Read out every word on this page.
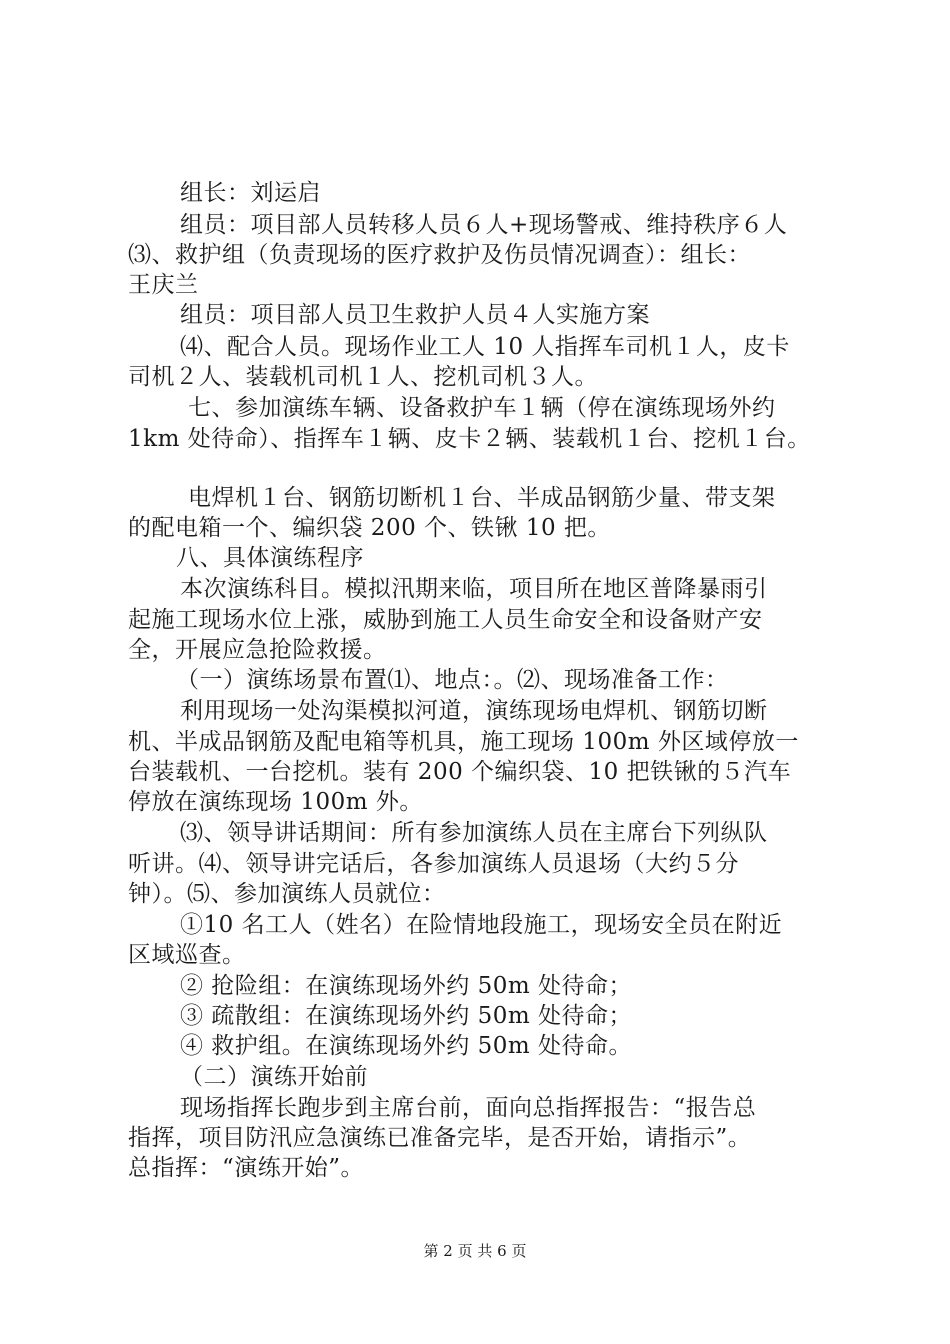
组长：刘运启
组员：项目部人员转移人员６人+现场警戒、维持秩序６人
⑶、救护组（负责现场的医疗救护及伤员情况调查）：组长：
王庆兰
组员：项目部人员卫生救护人员４人实施方案
⑷、配合人员。现场作业工人 10 人指挥车司机１人，皮卡
司机２人、装载机司机１人、挖机司机３人。
七、参加演练车辆、设备救护车１辆（停在演练现场外约
1km 处待命）、指挥车１辆、皮卡２辆、装载机１台、挖机１台。
电焊机１台、钢筋切断机１台、半成品钢筋少量、带支架
的配电箱一个、编织袋 200 个、铁锹 10 把。
八、具体演练程序
本次演练科目。模拟汛期来临，项目所在地区普降暴雨引
起施工现场水位上涨，威胁到施工人员生命安全和设备财产安
全，开展应急抢险救援。
（一）演练场景布置⑴、地点：。⑵、现场准备工作：
利用现场一处沟渠模拟河道，演练现场电焊机、钢筋切断
机、半成品钢筋及配电箱等机具，施工现场 100m 外区域停放一
台装载机、一台挖机。装有 200 个编织袋、10 把铁锹的５汽车
停放在演练现场 100m 外。
⑶、领导讲话期间：所有参加演练人员在主席台下列纵队
听讲。⑷、领导讲完话后，各参加演练人员退场（大约５分
钟）。⑸、参加演练人员就位：
①10 名工人（姓名）在险情地段施工，现场安全员在附近
区域巡查。
② 抢险组：在演练现场外约 50m 处待命；
③ 疏散组：在演练现场外约 50m 处待命；
④ 救护组。在演练现场外约 50m 处待命。
（二）演练开始前
现场指挥长跑步到主席台前，面向总指挥报告：“报告总
指挥，项目防汛应急演练已准备完毕，是否开始，请指示”。
总指挥：“演练开始”。
第 2 页 共 6 页
